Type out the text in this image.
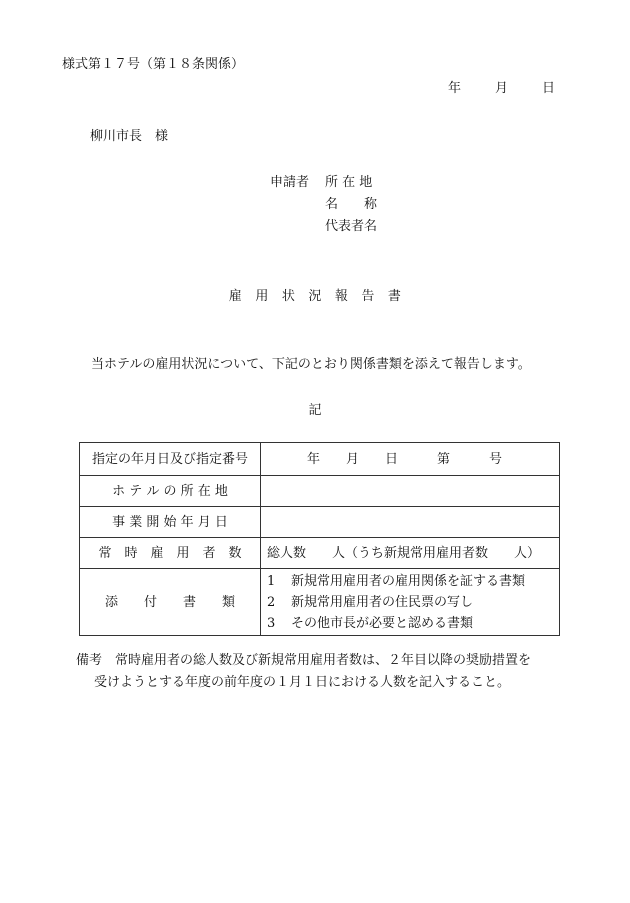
様式第１７号（第１８条関係）
年	月	日
柳川市長　様
申請者 所 在 地
名　　称
代表者名
雇　用　状　況　報　告　書
当ホテルの雇用状況について、下記のとおり関係書類を添えて報告します。
記
指定の年月日及び指定番号	年　　月　　日　　　第　　　号
ホ テ ル の 所 在 地	
事 業 開 始 年 月 日	
常　時　雇　用　者　数	総人数　　人（うち新規常用雇用者数　　人）
添　　付　　書　　類	1 新規常用雇用者の雇用関係を証する書類
2 新規常用雇用者の住民票の写し
3 その他市長が必要と認める書類
備考　常時雇用者の総人数及び新規常用雇用者数は、２年目以降の奨励措置を
受けようとする年度の前年度の１月１日における人数を記入すること。
